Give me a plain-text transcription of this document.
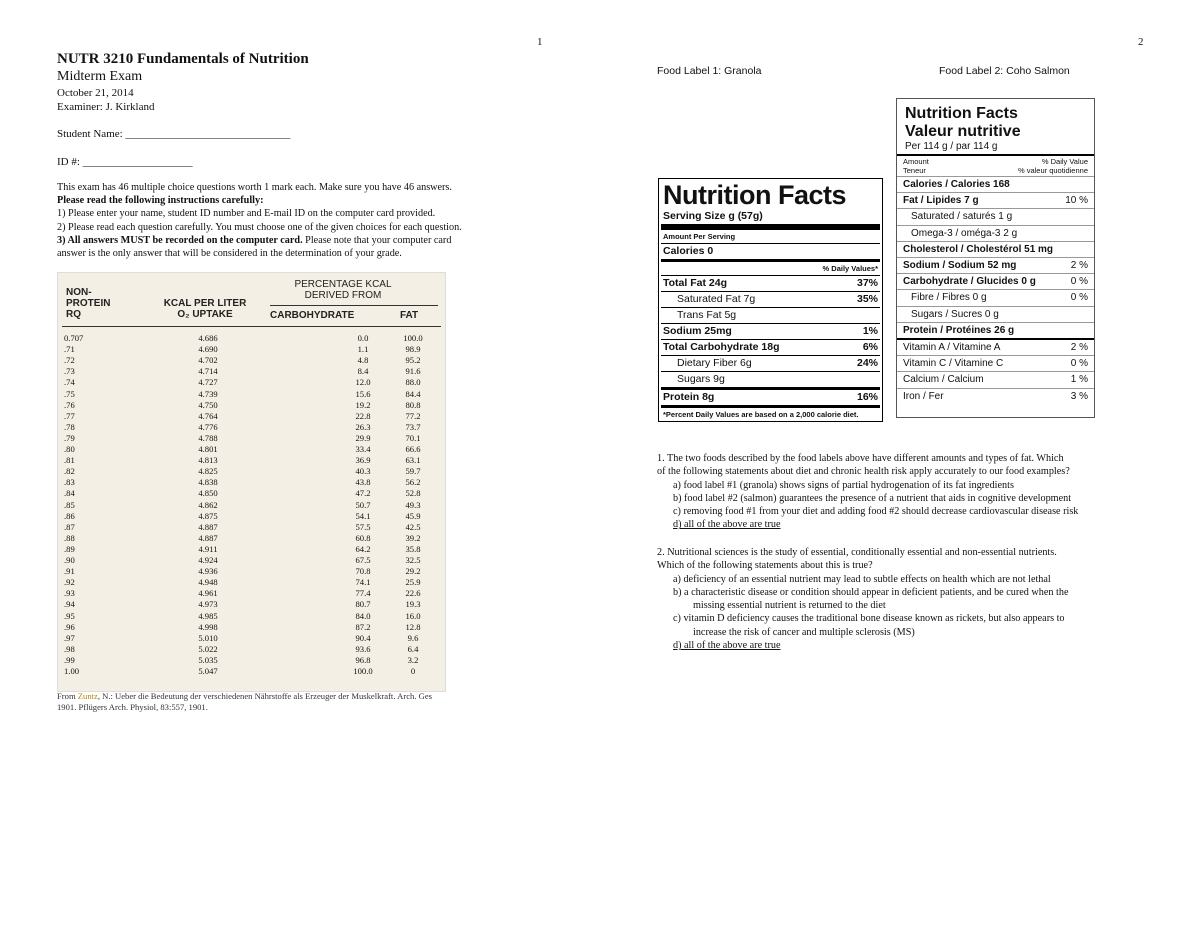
1	2
NUTR 3210 Fundamentals of Nutrition
Midterm Exam
October 21, 2014
Examiner: J. Kirkland
Student Name: ______________________________
ID #: ____________________
This exam has 46 multiple choice questions worth 1 mark each. Make sure you have 46 answers.
Please read the following instructions carefully:
1) Please enter your name, student ID number and E-mail ID on the computer card provided.
2) Please read each question carefully. You must choose one of the given choices for each question.
3) All answers MUST be recorded on the computer card. Please note that your computer card
answer is the only answer that will be considered in the determination of your grade.
NON-
PROTEIN
RQ
KCAL PER LITER
O₂ UPTAKE
PERCENTAGE KCAL
DERIVED FROM
CARBOHYDRATE	FAT
0.707	4.686	0.0	100.0
.71	4.690	1.1	98.9
.72	4.702	4.8	95.2
.73	4.714	8.4	91.6
.74	4.727	12.0	88.0
.75	4.739	15.6	84.4
.76	4.750	19.2	80.8
.77	4.764	22.8	77.2
.78	4.776	26.3	73.7
.79	4.788	29.9	70.1
.80	4.801	33.4	66.6
.81	4.813	36.9	63.1
.82	4.825	40.3	59.7
.83	4.838	43.8	56.2
.84	4.850	47.2	52.8
.85	4.862	50.7	49.3
.86	4.875	54.1	45.9
.87	4.887	57.5	42.5
.88	4.887	60.8	39.2
.89	4.911	64.2	35.8
.90	4.924	67.5	32.5
.91	4.936	70.8	29.2
.92	4.948	74.1	25.9
.93	4.961	77.4	22.6
.94	4.973	80.7	19.3
.95	4.985	84.0	16.0
.96	4.998	87.2	12.8
.97	5.010	90.4	9.6
.98	5.022	93.6	6.4
.99	5.035	96.8	3.2
1.00	5.047	100.0	0
From Zuntz, N.: Ueber die Bedeutung der verschiedenen Nährstoffe als Erzeuger der Muskelkraft. Arch. Ges
1901. Pflügers Arch. Physiol, 83:557, 1901.
Food Label 1: Granola	Food Label 2: Coho Salmon
Nutrition Facts
Serving Size g (57g)
Amount Per Serving
Calories 0
% Daily Values*
Total Fat 24g	37%
Saturated Fat 7g	35%
Trans Fat 5g
Sodium 25mg	1%
Total Carbohydrate 18g	6%
Dietary Fiber 6g	24%
Sugars 9g
Protein 8g	16%
*Percent Daily Values are based on a 2,000 calorie diet.
Nutrition Facts
Valeur nutritive
Per 114 g / par 114 g
Amount
Teneur
% Daily Value
% valeur quotidienne
Calories / Calories 168
Fat / Lipides 7 g	10 %
Saturated / saturés 1 g
Omega-3 / oméga-3 2 g
Cholesterol / Cholestérol 51 mg
Sodium / Sodium 52 mg	2 %
Carbohydrate / Glucides 0 g	0 %
Fibre / Fibres 0 g	0 %
Sugars / Sucres 0 g
Protein / Protéines 26 g
Vitamin A / Vitamine A	2 %
Vitamin C / Vitamine C	0 %
Calcium / Calcium	1 %
Iron / Fer	3 %
1. The two foods described by the food labels above have different amounts and types of fat. Which
of the following statements about diet and chronic health risk apply accurately to our food examples?
a) food label #1 (granola) shows signs of partial hydrogenation of its fat ingredients
b) food label #2 (salmon) guarantees the presence of a nutrient that aids in cognitive development
c) removing food #1 from your diet and adding food #2 should decrease cardiovascular disease risk
d) all of the above are true
2. Nutritional sciences is the study of essential, conditionally essential and non-essential nutrients.
Which of the following statements about this is true?
a) deficiency of an essential nutrient may lead to subtle effects on health which are not lethal
b) a characteristic disease or condition should appear in deficient patients, and be cured when the
missing essential nutrient is returned to the diet
c) vitamin D deficiency causes the traditional bone disease known as rickets, but also appears to
increase the risk of cancer and multiple sclerosis (MS)
d) all of the above are true
